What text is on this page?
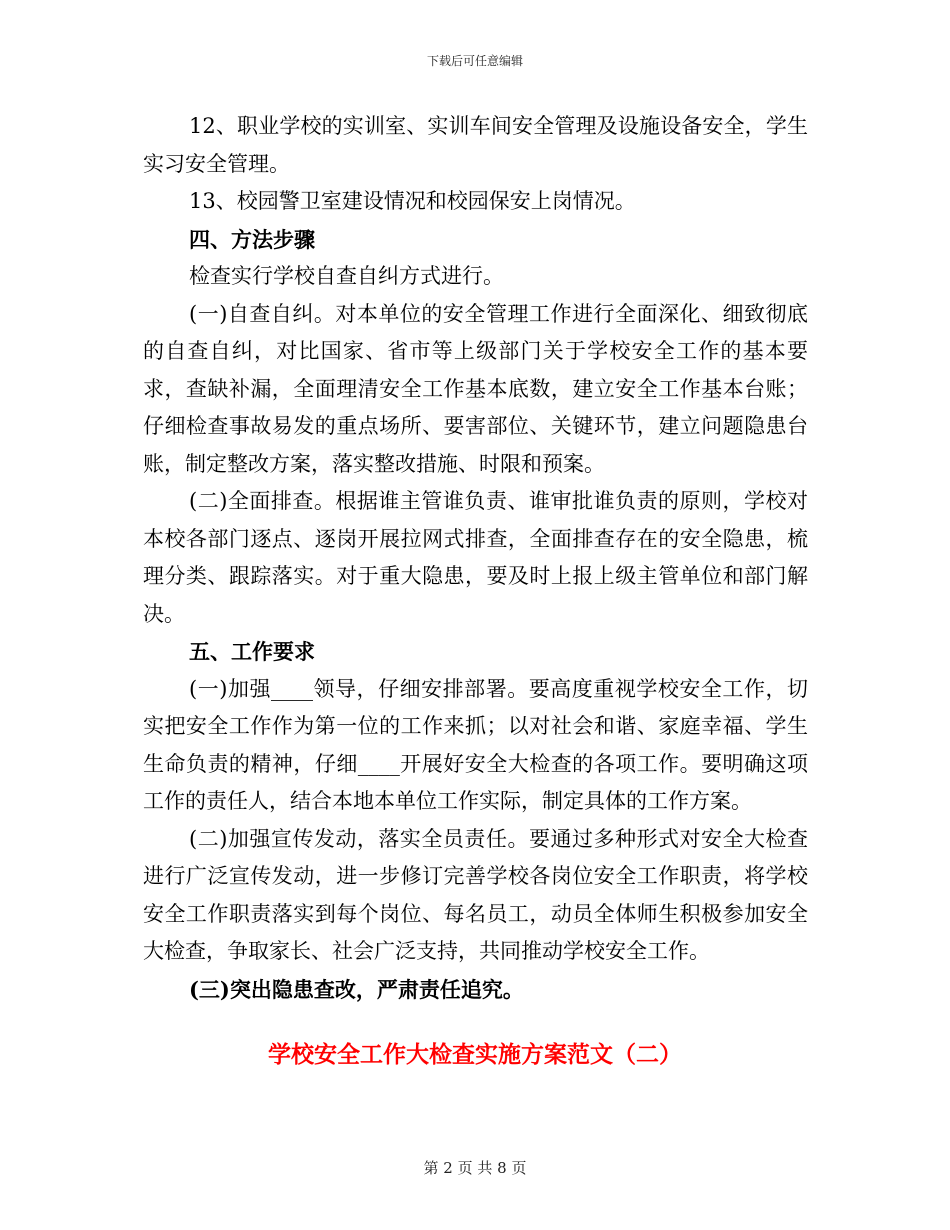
下载后可任意编辑

12、职业学校的实训室、实训车间安全管理及设施设备安全，学生实习安全管理。

13、校园警卫室建设情况和校园保安上岗情况。

四、方法步骤

检查实行学校自查自纠方式进行。

(一)自查自纠。对本单位的安全管理工作进行全面深化、细致彻底的自查自纠，对比国家、省市等上级部门关于学校安全工作的基本要求，查缺补漏，全面理清安全工作基本底数，建立安全工作基本台账；仔细检查事故易发的重点场所、要害部位、关键环节，建立问题隐患台账，制定整改方案，落实整改措施、时限和预案。

(二)全面排查。根据谁主管谁负责、谁审批谁负责的原则，学校对本校各部门逐点、逐岗开展拉网式排查，全面排查存在的安全隐患，梳理分类、跟踪落实。对于重大隐患，要及时上报上级主管单位和部门解决。

五、工作要求

(一)加强____领导，仔细安排部署。要高度重视学校安全工作，切实把安全工作作为第一位的工作来抓；以对社会和谐、家庭幸福、学生生命负责的精神，仔细____开展好安全大检查的各项工作。要明确这项工作的责任人，结合本地本单位工作实际，制定具体的工作方案。

(二)加强宣传发动，落实全员责任。要通过多种形式对安全大检查进行广泛宣传发动，进一步修订完善学校各岗位安全工作职责，将学校安全工作职责落实到每个岗位、每名员工，动员全体师生积极参加安全大检查，争取家长、社会广泛支持，共同推动学校安全工作。

(三)突出隐患查改，严肃责任追究。

学校安全工作大检查实施方案范文（二）
第 2 页 共 8 页
